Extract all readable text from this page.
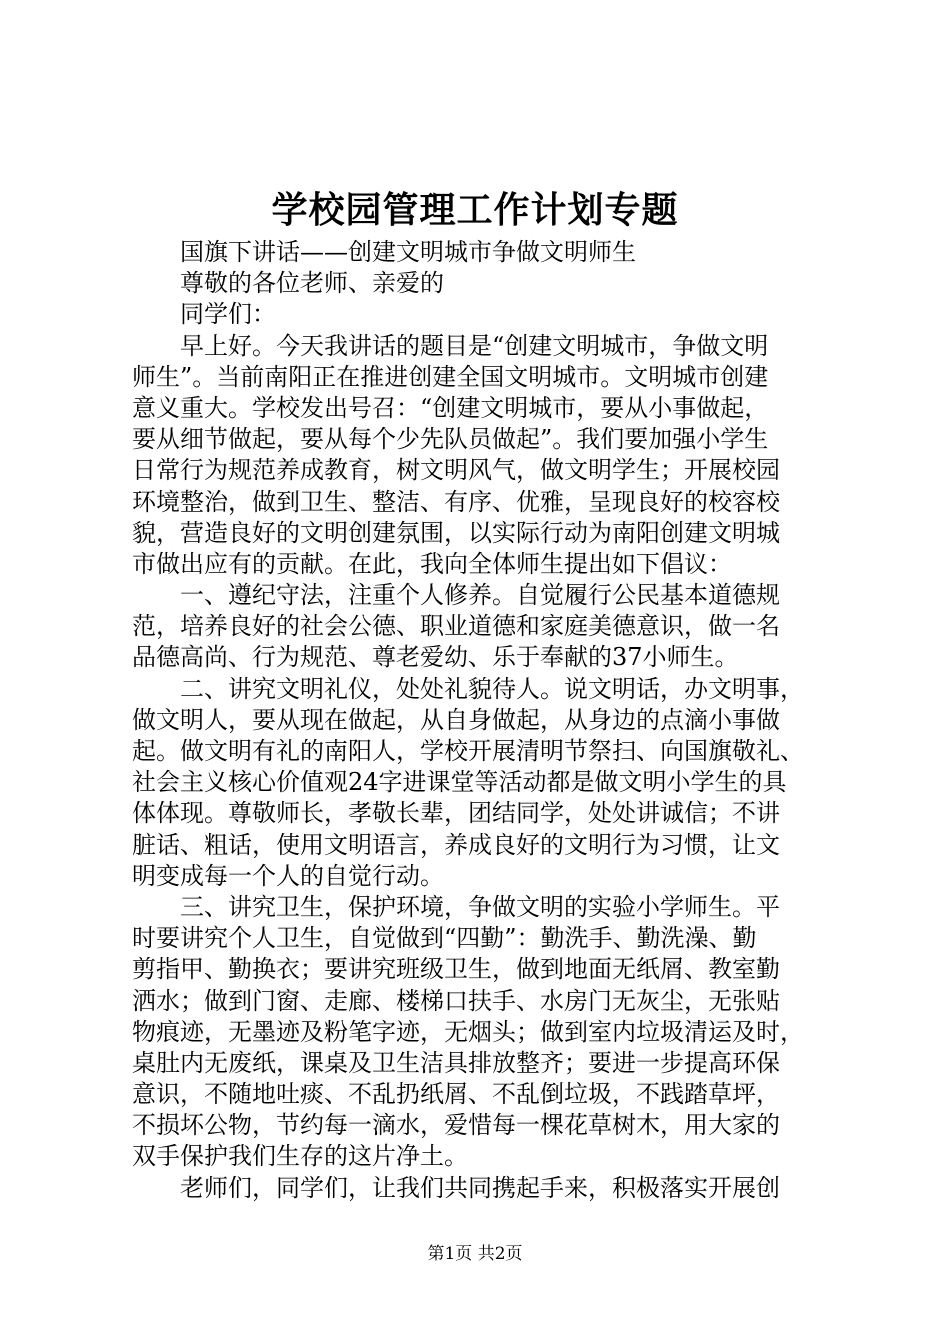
学校园管理工作计划专题
国旗下讲话——创建文明城市争做文明师生
尊敬的各位老师、亲爱的
同学们：
早上好。今天我讲话的题目是“创建文明城市，争做文明
师生”。当前南阳正在推进创建全国文明城市。文明城市创建
意义重大。学校发出号召：“创建文明城市，要从小事做起，
要从细节做起，要从每个少先队员做起”。我们要加强小学生
日常行为规范养成教育，树文明风气，做文明学生；开展校园
环境整治，做到卫生、整洁、有序、优雅，呈现良好的校容校
貌，营造良好的文明创建氛围，以实际行动为南阳创建文明城
市做出应有的贡献。在此，我向全体师生提出如下倡议：
一、遵纪守法，注重个人修养。自觉履行公民基本道德规
范，培养良好的社会公德、职业道德和家庭美德意识，做一名
品德高尚、行为规范、尊老爱幼、乐于奉献的37小师生。
二、讲究文明礼仪，处处礼貌待人。说文明话，办文明事，
做文明人，要从现在做起，从自身做起，从身边的点滴小事做
起。做文明有礼的南阳人，学校开展清明节祭扫、向国旗敬礼、
社会主义核心价值观24字进课堂等活动都是做文明小学生的具
体体现。尊敬师长，孝敬长辈，团结同学，处处讲诚信；不讲
脏话、粗话，使用文明语言，养成良好的文明行为习惯，让文
明变成每一个人的自觉行动。
三、讲究卫生，保护环境，争做文明的实验小学师生。平
时要讲究个人卫生，自觉做到“四勤”：勤洗手、勤洗澡、勤
剪指甲、勤换衣；要讲究班级卫生，做到地面无纸屑、教室勤
洒水；做到门窗、走廊、楼梯口扶手、水房门无灰尘，无张贴
物痕迹，无墨迹及粉笔字迹，无烟头；做到室内垃圾清运及时，
桌肚内无废纸，课桌及卫生洁具排放整齐；要进一步提高环保
意识，不随地吐痰、不乱扔纸屑、不乱倒垃圾，不践踏草坪，
不损坏公物，节约每一滴水，爱惜每一棵花草树木，用大家的
双手保护我们生存的这片净土。
老师们，同学们，让我们共同携起手来，积极落实开展创
第1页 共2页
